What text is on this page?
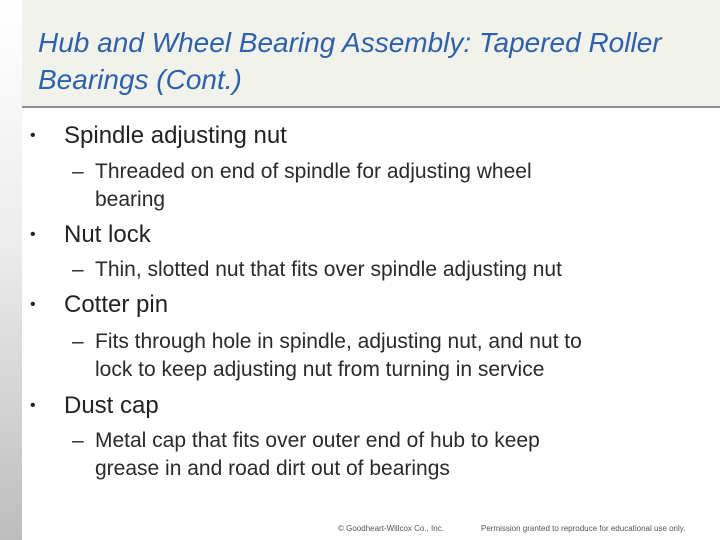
Hub and Wheel Bearing Assembly: Tapered Roller Bearings (Cont.)
• Spindle adjusting nut
– Threaded on end of spindle for adjusting wheel
bearing
• Nut lock
– Thin, slotted nut that fits over spindle adjusting nut
• Cotter pin
– Fits through hole in spindle, adjusting nut, and nut to
lock to keep adjusting nut from turning in service
• Dust cap
– Metal cap that fits over outer end of hub to keep
grease in and road dirt out of bearings
© Goodheart-Willcox Co., Inc.	Permission granted to reproduce for educational use only.
